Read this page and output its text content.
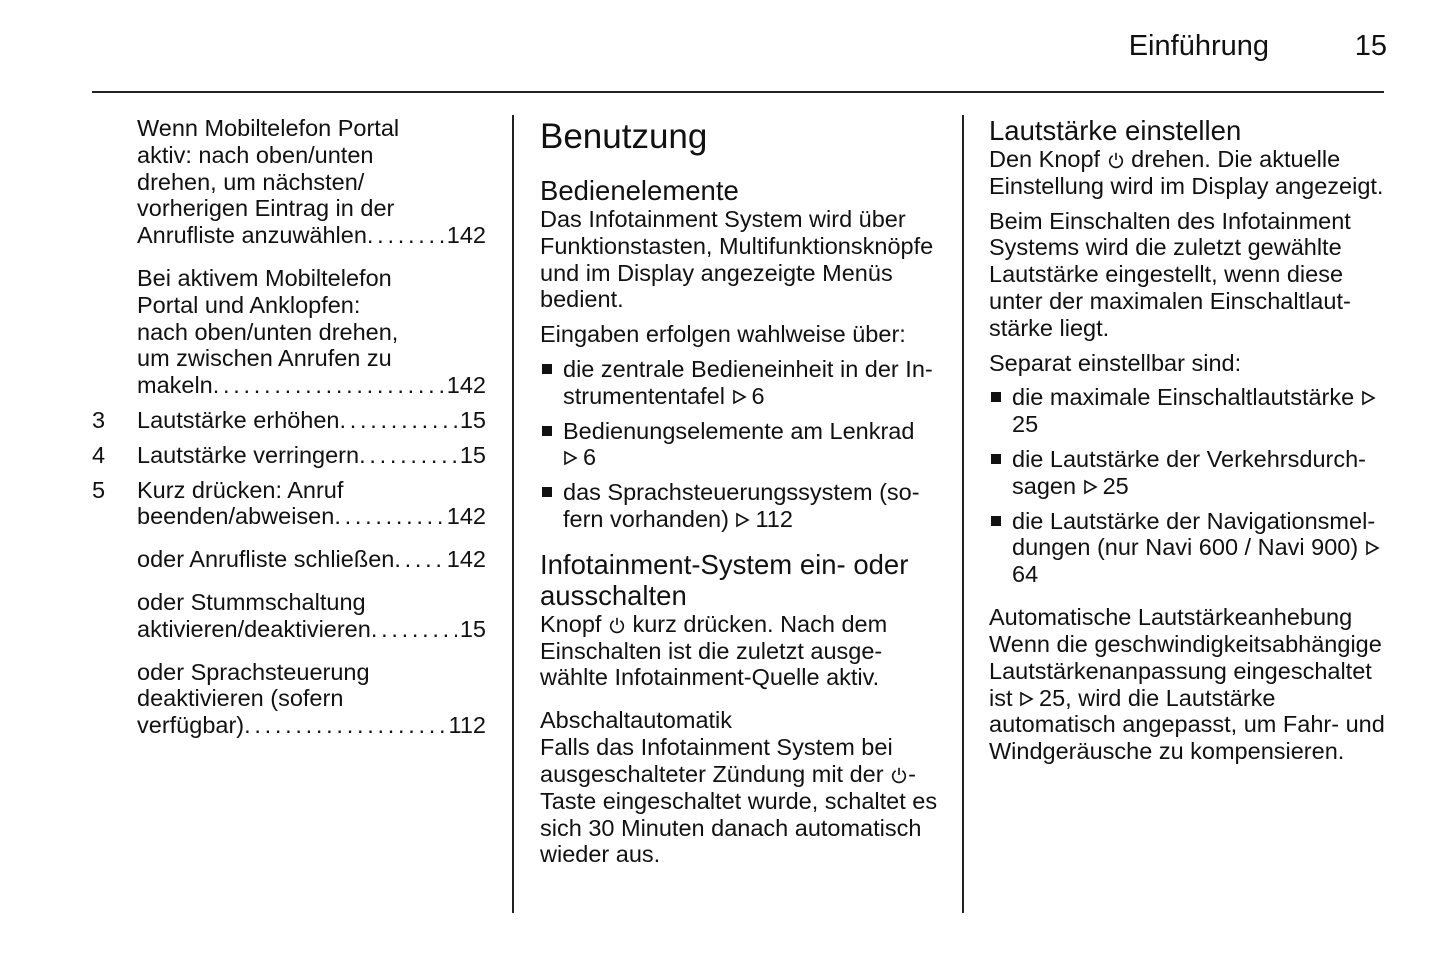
Einführung	15
Wenn Mobiltelefon Portal
aktiv: nach oben/unten
drehen, um nächsten/
vorherigen Eintrag in der
Anrufliste anzuwählen . . .	142
Bei aktivem Mobiltelefon
Portal und Anklopfen:
nach oben/unten drehen,
um zwischen Anrufen zu
makeln . . .	142
3 Lautstärke erhöhen . . .	15
4 Lautstärke verringern . . .	15
5 Kurz drücken: Anruf
beenden/abweisen . . .	142
oder Anrufliste schließen . . . 142
oder Stummschaltung
aktivieren/deaktivieren . . .	15
oder Sprachsteuerung
deaktivieren (sofern
verfügbar) . . .	112
Benutzung
Bedienelemente

Das Infotainment System wird über Funktionstasten, Multifunktionsknöpfe und im Display angezeigte Menüs bedient.

Eingaben erfolgen wahlweise über:

die zentrale Bedieneinheit in der Instrumententafel 6
Bedienungselemente am Lenkrad 6
das Sprachsteuerungssystem (sofern vorhanden) 112
Infotainment-System ein- oder ausschalten

Knopf kurz drücken. Nach dem Einschalten ist die zuletzt ausgewählte Infotainment-Quelle aktiv.

Abschaltautomatik

Falls das Infotainment System bei ausgeschalteter Zündung mit der -Taste eingeschaltet wurde, schaltet es sich 30 Minuten danach automatisch wieder aus.

Lautstärke einstellen

Den Knopf drehen. Die aktuelle Einstellung wird im Display angezeigt.

Beim Einschalten des Infotainment Systems wird die zuletzt gewählte Lautstärke eingestellt, wenn diese unter der maximalen Einschaltlautstärke liegt.

Separat einstellbar sind:

die maximale Einschaltlautstärke 25
die Lautstärke der Verkehrsdurchsagen 25
die Lautstärke der Navigationsmeldungen (nur Navi 600 / Navi 900) 64
Automatische Lautstärkeanhebung

Wenn die geschwindigkeitsabhängige Lautstärkenanpassung eingeschaltet ist 25, wird die Lautstärke automatisch angepasst, um Fahr- und Windgeräusche zu kompensieren.
